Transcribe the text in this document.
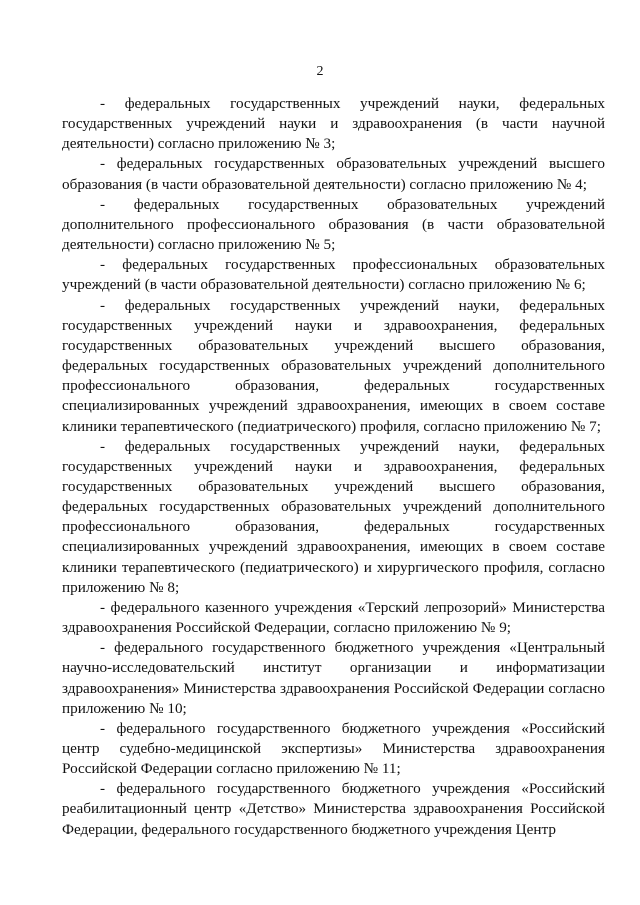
2

- федеральных государственных учреждений науки, федеральных государственных учреждений науки и здравоохранения (в части научной деятельности) согласно приложению № 3;

- федеральных государственных образовательных учреждений высшего образования (в части образовательной деятельности) согласно приложению № 4;

- федеральных государственных образовательных учреждений дополнительного профессионального образования (в части образовательной деятельности) согласно приложению № 5;

- федеральных государственных профессиональных образовательных учреждений (в части образовательной деятельности) согласно приложению № 6;

- федеральных государственных учреждений науки, федеральных государственных учреждений науки и здравоохранения, федеральных государственных образовательных учреждений высшего образования, федеральных государственных образовательных учреждений дополнительного профессионального образования, федеральных государственных специализированных учреждений здравоохранения, имеющих в своем составе клиники терапевтического (педиатрического) профиля, согласно приложению № 7;

- федеральных государственных учреждений науки, федеральных государственных учреждений науки и здравоохранения, федеральных государственных образовательных учреждений высшего образования, федеральных государственных образовательных учреждений дополнительного профессионального образования, федеральных государственных специализированных учреждений здравоохранения, имеющих в своем составе клиники терапевтического (педиатрического) и хирургического профиля, согласно приложению № 8;

- федерального казенного учреждения «Терский лепрозорий» Министерства здравоохранения Российской Федерации, согласно приложению № 9;

- федерального государственного бюджетного учреждения «Центральный научно-исследовательский институт организации и информатизации здравоохранения» Министерства здравоохранения Российской Федерации согласно приложению № 10;

- федерального государственного бюджетного учреждения «Российский центр судебно-медицинской экспертизы» Министерства здравоохранения Российской Федерации согласно приложению № 11;

- федерального государственного бюджетного учреждения «Российский реабилитационный центр «Детство» Министерства здравоохранения Российской Федерации, федерального государственного бюджетного учреждения Центр
